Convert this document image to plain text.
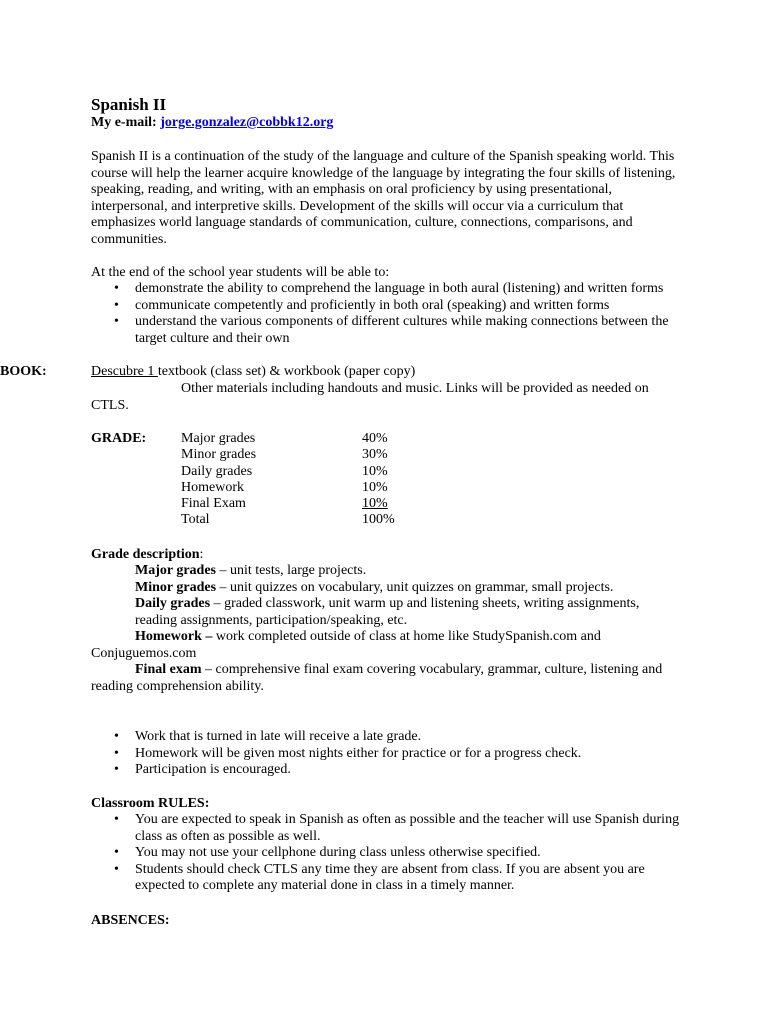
Spanish II
My e-mail: jorge.gonzalez@cobbk12.org

Spanish II is a continuation of the study of the language and culture of the Spanish speaking world. This course will help the learner acquire knowledge of the language by integrating the four skills of listening, speaking, reading, and writing, with an emphasis on oral proficiency by using presentational, interpersonal, and interpretive skills. Development of the skills will occur via a curriculum that emphasizes world language standards of communication, culture, connections, comparisons, and communities.

At the end of the school year students will be able to:
• demonstrate the ability to comprehend the language in both aural (listening) and written forms
• communicate competently and proficiently in both oral (speaking) and written forms
• understand the various components of different cultures while making connections between the target culture and their own
BOOK:	Descubre 1 textbook (class set) & workbook (paper copy)
Other materials including handouts and music. Links will be provided as needed on
CTLS.
GRADE: Major grades	40%
Minor grades	30%
Daily grades	10%
Homework	10%
Final Exam	10%
Total	100%
Grade description:

Major grades – unit tests, large projects.

Minor grades – unit quizzes on vocabulary, unit quizzes on grammar, small projects.

Daily grades – graded classwork, unit warm up and listening sheets, writing assignments,

reading assignments, participation/speaking, etc.

Homework – work completed outside of class at home like StudySpanish.com and Conjuguemos.com

Final exam – comprehensive final exam covering vocabulary, grammar, culture, listening and reading comprehension ability.

• Work that is turned in late will receive a late grade.
• Homework will be given most nights either for practice or for a progress check.
• Participation is encouraged.
Classroom RULES:
• You are expected to speak in Spanish as often as possible and the teacher will use Spanish during class as often as possible as well.
• You may not use your cellphone during class unless otherwise specified.
• Students should check CTLS any time they are absent from class. If you are absent you are expected to complete any material done in class in a timely manner.
ABSENCES:
